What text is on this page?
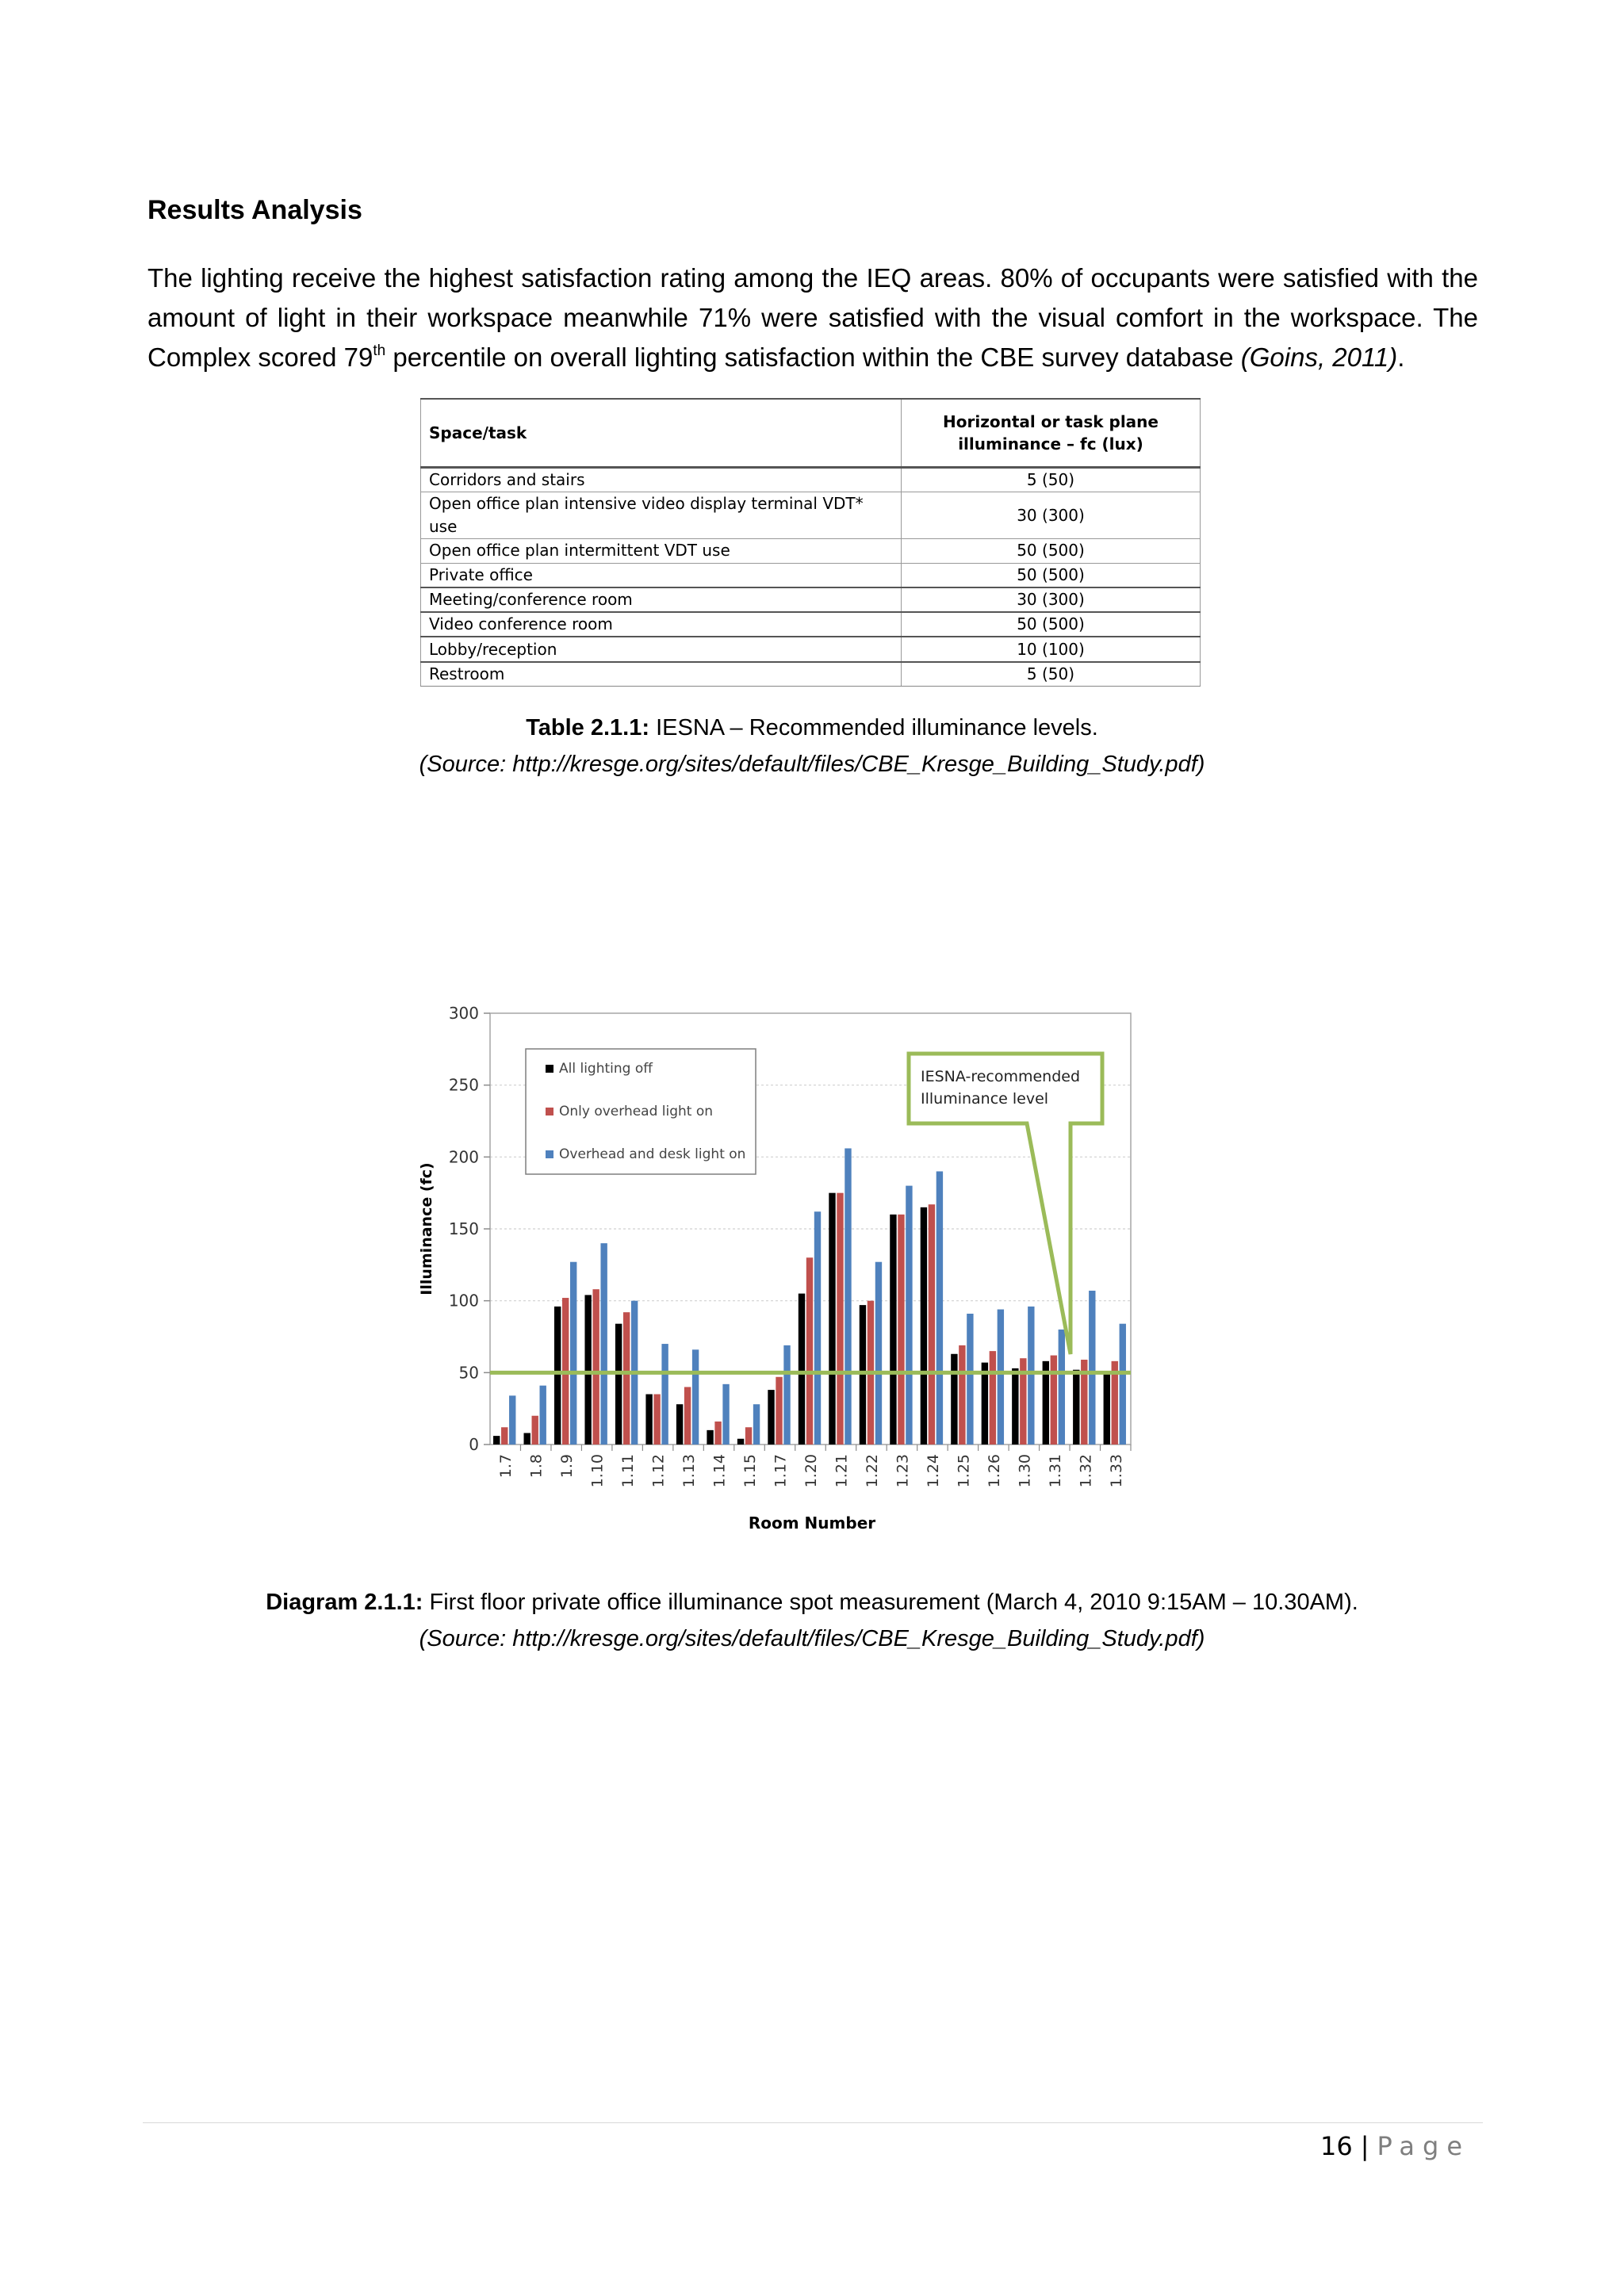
Results Analysis

The lighting receive the highest satisfaction rating among the IEQ areas. 80% of occupants were satisfied with the amount of light in their workspace meanwhile 71% were satisfied with the visual comfort in the workspace. The Complex scored 79th percentile on overall lighting satisfaction within the CBE survey database (Goins, 2011).

Space/task	Horizontal or task plane
illuminance – fc (lux)
Corridors and stairs	5 (50)
Open office plan intensive video display terminal VDT* use	30 (300)
Open office plan intermittent VDT use	50 (500)
Private office	50 (500)
Meeting/conference room	30 (300)
Video conference room	50 (500)
Lobby/reception	10 (100)
Restroom	5 (50)
Table 2.1.1: IESNA – Recommended illuminance levels.
(Source: http://kresge.org/sites/default/files/CBE_Kresge_Building_Study.pdf)
0
50
100
150
200
250
300
1.7 1.8 1.9 1.10 1.11 1.12 1.13 1.14 1.15 1.17 1.20 1.21 1.22 1.23 1.24 1.25 1.26 1.30 1.31 1.32 1.33
All lighting off
Only overhead light on
Overhead and desk light on
IESNA-recommended
Illuminance level
Illuminance (fc)
Room Number
Diagram 2.1.1: First floor private office illuminance spot measurement (March 4, 2010 9:15AM – 10.30AM).
(Source: http://kresge.org/sites/default/files/CBE_Kresge_Building_Study.pdf)
16 | Page
